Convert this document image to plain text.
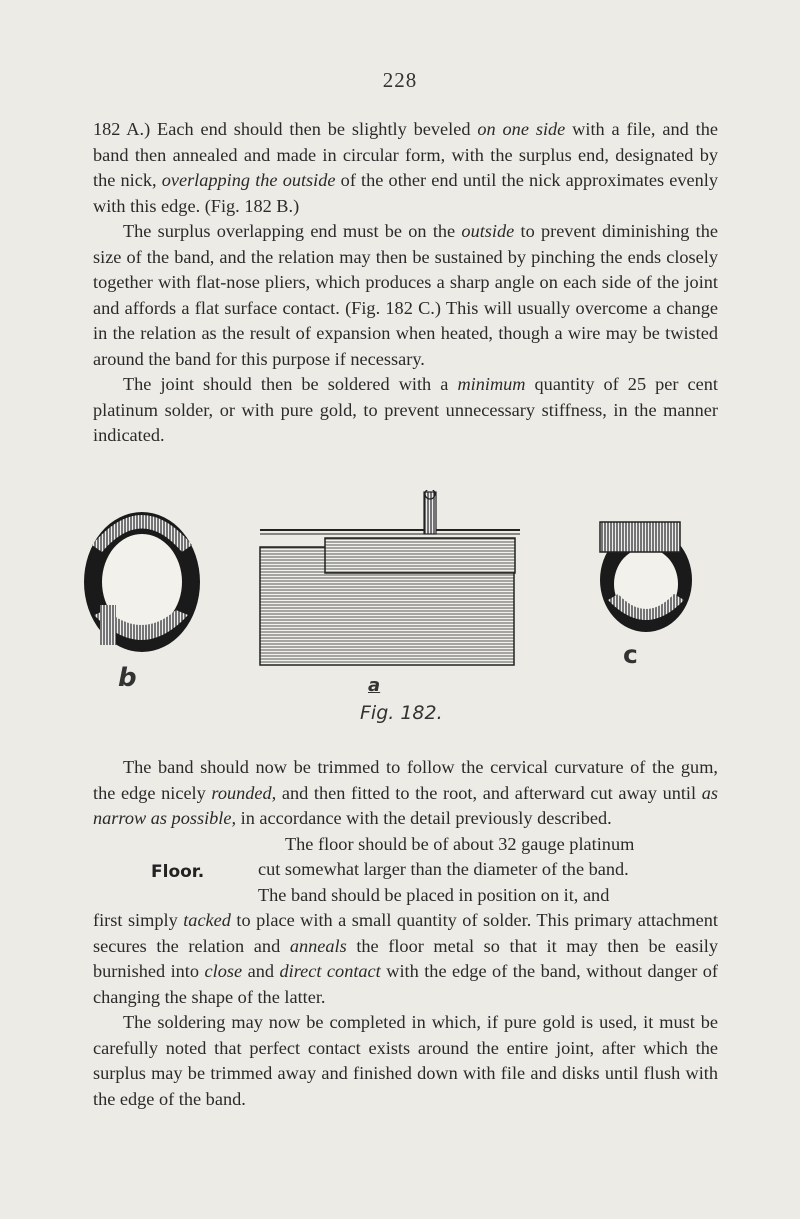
228

182 A.) Each end should then be slightly beveled on one side with a file, and the band then annealed and made in circular form, with the surplus end, designated by the nick, overlapping the outside of the other end until the nick approximates evenly with this edge. (Fig. 182 B.)

The surplus overlapping end must be on the outside to prevent diminishing the size of the band, and the relation may then be sustained by pinching the ends closely together with flat-nose pliers, which produces a sharp angle on each side of the joint and affords a flat surface contact. (Fig. 182 C.) This will usually overcome a change in the relation as the result of expansion when heated, though a wire may be twisted around the band for this purpose if necessary.

The joint should then be soldered with a minimum quantity of 25 per cent platinum solder, or with pure gold, to prevent unnecessary stiffness, in the manner indicated.

b	a
c
Fig. 182.

The band should now be trimmed to follow the cervical curvature of the gum, the edge nicely rounded, and then fitted to the root, and afterward cut away until as narrow as possible, in accordance with the detail previously described.

Floor.

The floor should be of about 32 gauge platinum

cut somewhat larger than the diameter of the band.

The band should be placed in position on it, and

first simply tacked to place with a small quantity of solder. This primary attachment secures the relation and anneals the floor metal so that it may then be easily burnished into close and direct contact with the edge of the band, without danger of changing the shape of the latter.

The soldering may now be completed in which, if pure gold is used, it must be carefully noted that perfect contact exists around the entire joint, after which the surplus may be trimmed away and finished down with file and disks until flush with the edge of the band.
